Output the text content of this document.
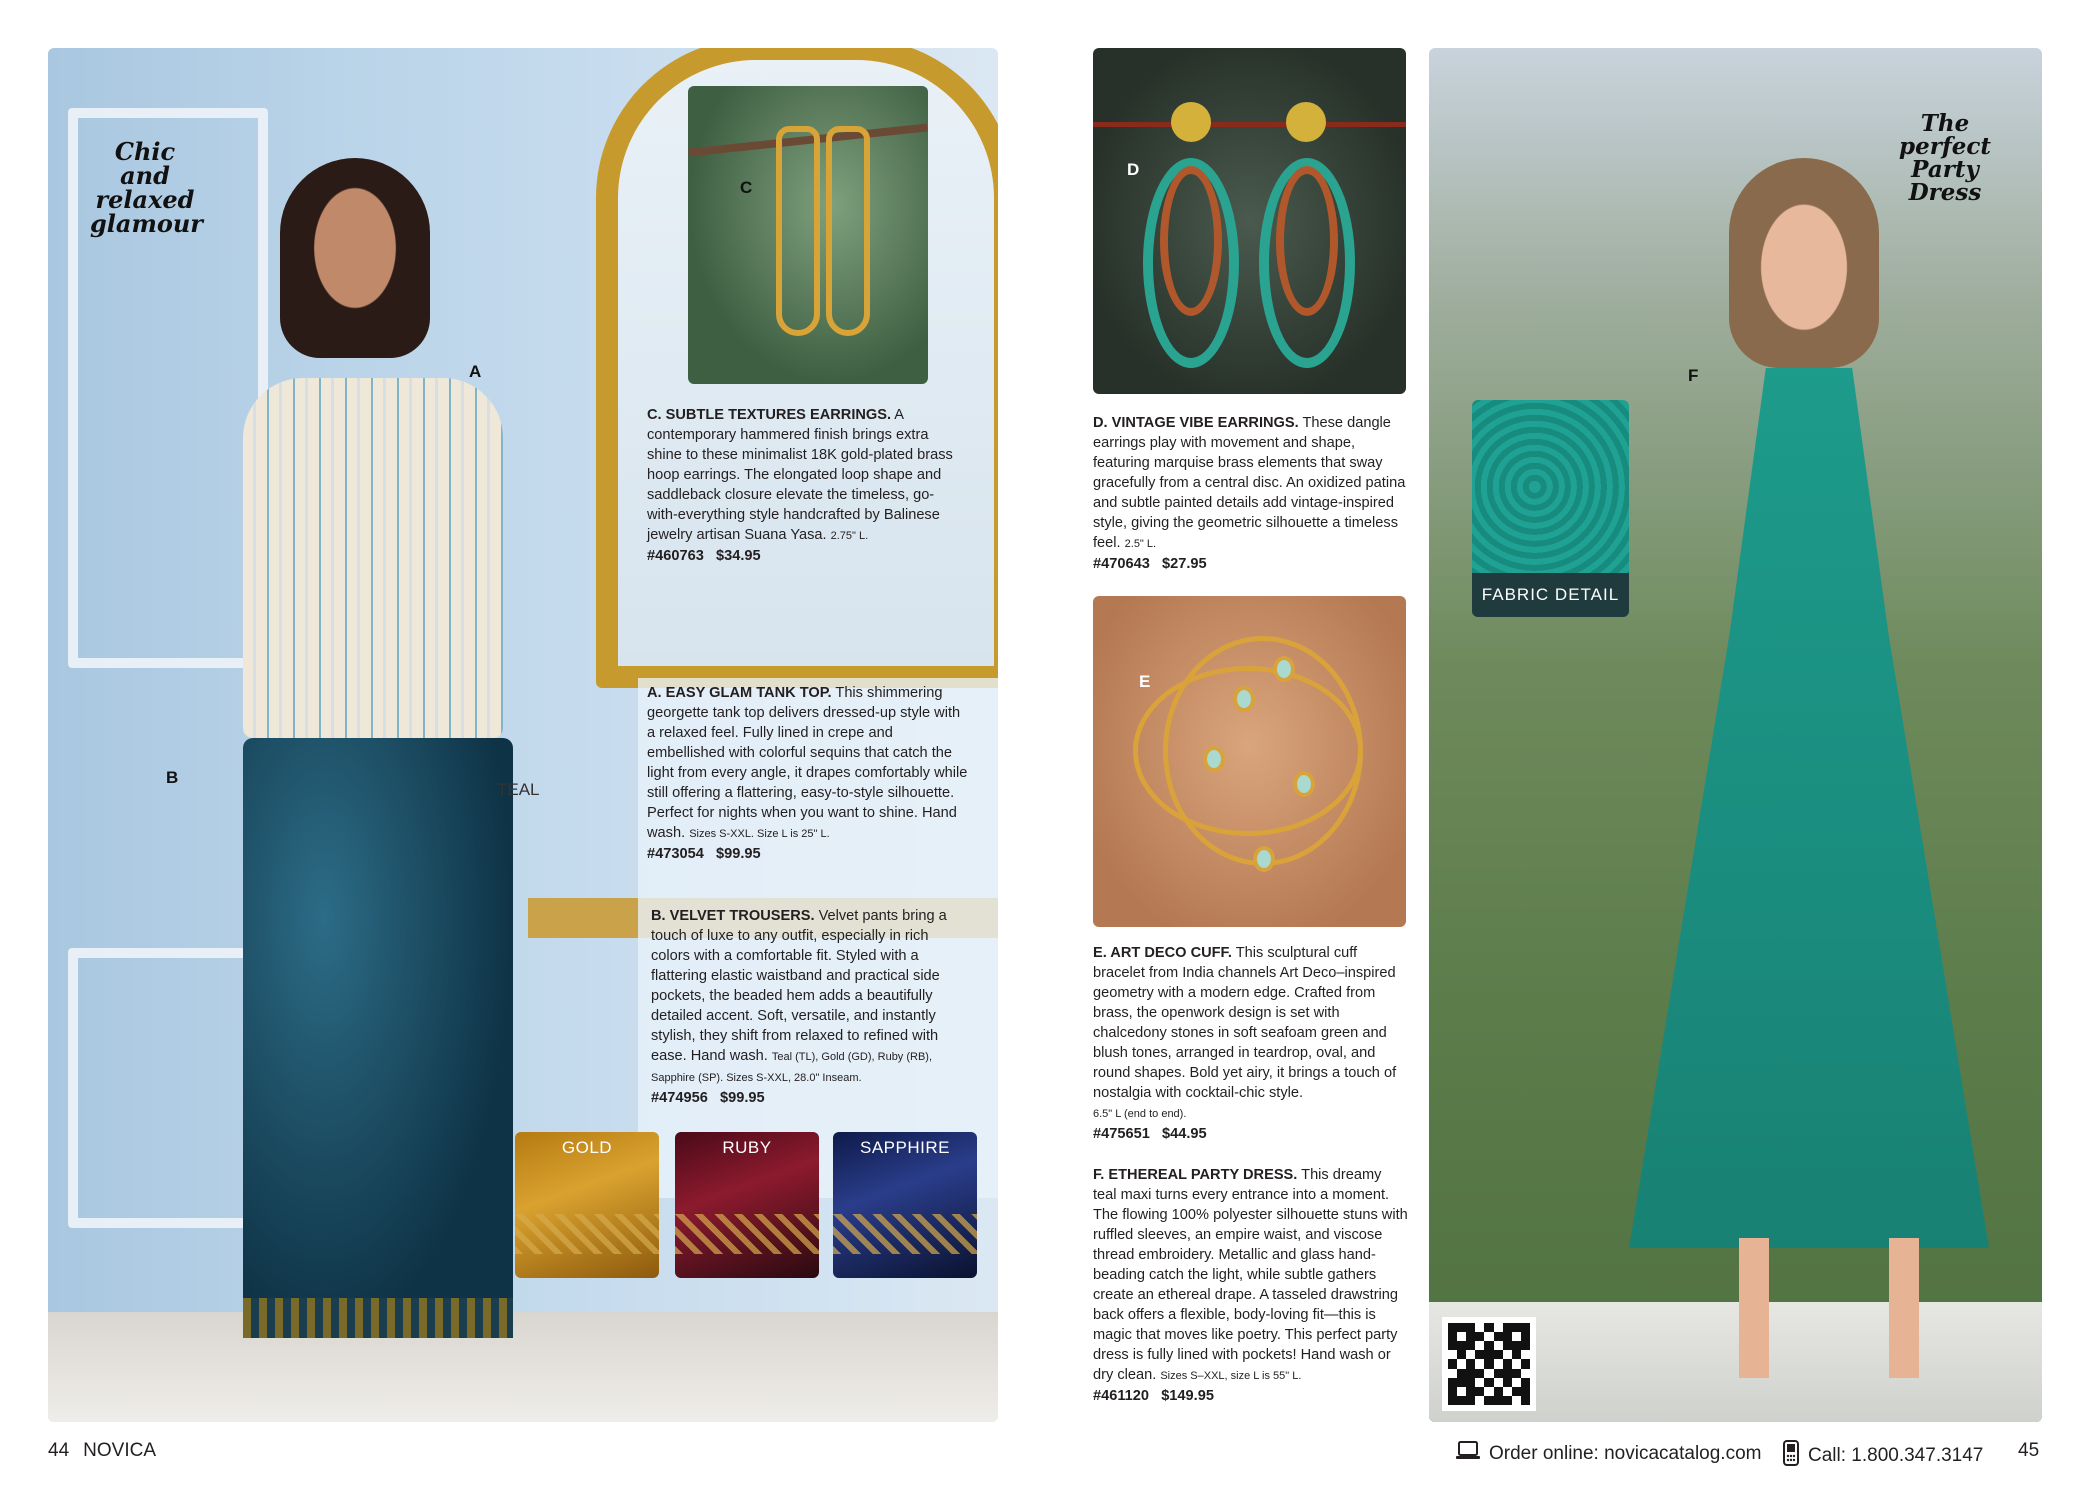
FABRIC DETAIL
Chic and relaxed glamour
The perfect Party Dress
A
B
C
D
E
F
TEAL
C. SUBTLE TEXTURES EARRINGS. A contemporary hammered finish brings extra shine to these minimalist 18K gold-plated brass hoop earrings. The elongated loop shape and saddleback closure elevate the timeless, go-with-everything style handcrafted by Balinese jewelry artisan Suana Yasa. 2.75" L.
#460763 $34.95
A. EASY GLAM TANK TOP. This shimmering georgette tank top delivers dressed-up style with a relaxed feel. Fully lined in crepe and embellished with colorful sequins that catch the light from every angle, it drapes comfortably while still offering a flattering, easy-to-style silhouette. Perfect for nights when you want to shine. Hand wash. Sizes S-XXL. Size L is 25" L.
#473054 $99.95
B. VELVET TROUSERS. Velvet pants bring a touch of luxe to any outfit, especially in rich colors with a comfortable fit. Styled with a flattering elastic waistband and practical side pockets, the beaded hem adds a beautifully detailed accent. Soft, versatile, and instantly stylish, they shift from relaxed to refined with ease. Hand wash. Teal (TL), Gold (GD), Ruby (RB), Sapphire (SP). Sizes S-XXL, 28.0" Inseam.
#474956 $99.95
GOLD	RUBY	SAPPHIRE
D. VINTAGE VIBE EARRINGS. These dangle earrings play with movement and shape, featuring marquise brass elements that sway gracefully from a central disc. An oxidized patina and subtle painted details add vintage-inspired style, giving the geometric silhouette a timeless feel. 2.5" L.
#470643 $27.95
E. ART DECO CUFF. This sculptural cuff bracelet from India channels Art Deco–inspired geometry with a modern edge. Crafted from brass, the openwork design is set with chalcedony stones in soft seafoam green and blush tones, arranged in teardrop, oval, and round shapes. Bold yet airy, it brings a touch of nostalgia with cocktail-chic style.
6.5" L (end to end).
#475651 $44.95
F. ETHEREAL PARTY DRESS. This dreamy teal maxi turns every entrance into a moment. The flowing 100% polyester silhouette stuns with ruffled sleeves, an empire waist, and viscose thread embroidery. Metallic and glass hand-beading catch the light, while subtle gathers create an ethereal drape. A tasseled drawstring back offers a flexible, body-loving fit—this is magic that moves like poetry. This perfect party dress is fully lined with pockets! Hand wash or dry clean. Sizes S–XXL, size L is 55" L.
#461120 $149.95
44 NOVICA	Order online: novicacatalog.com Call: 1.800.347.3147 45
